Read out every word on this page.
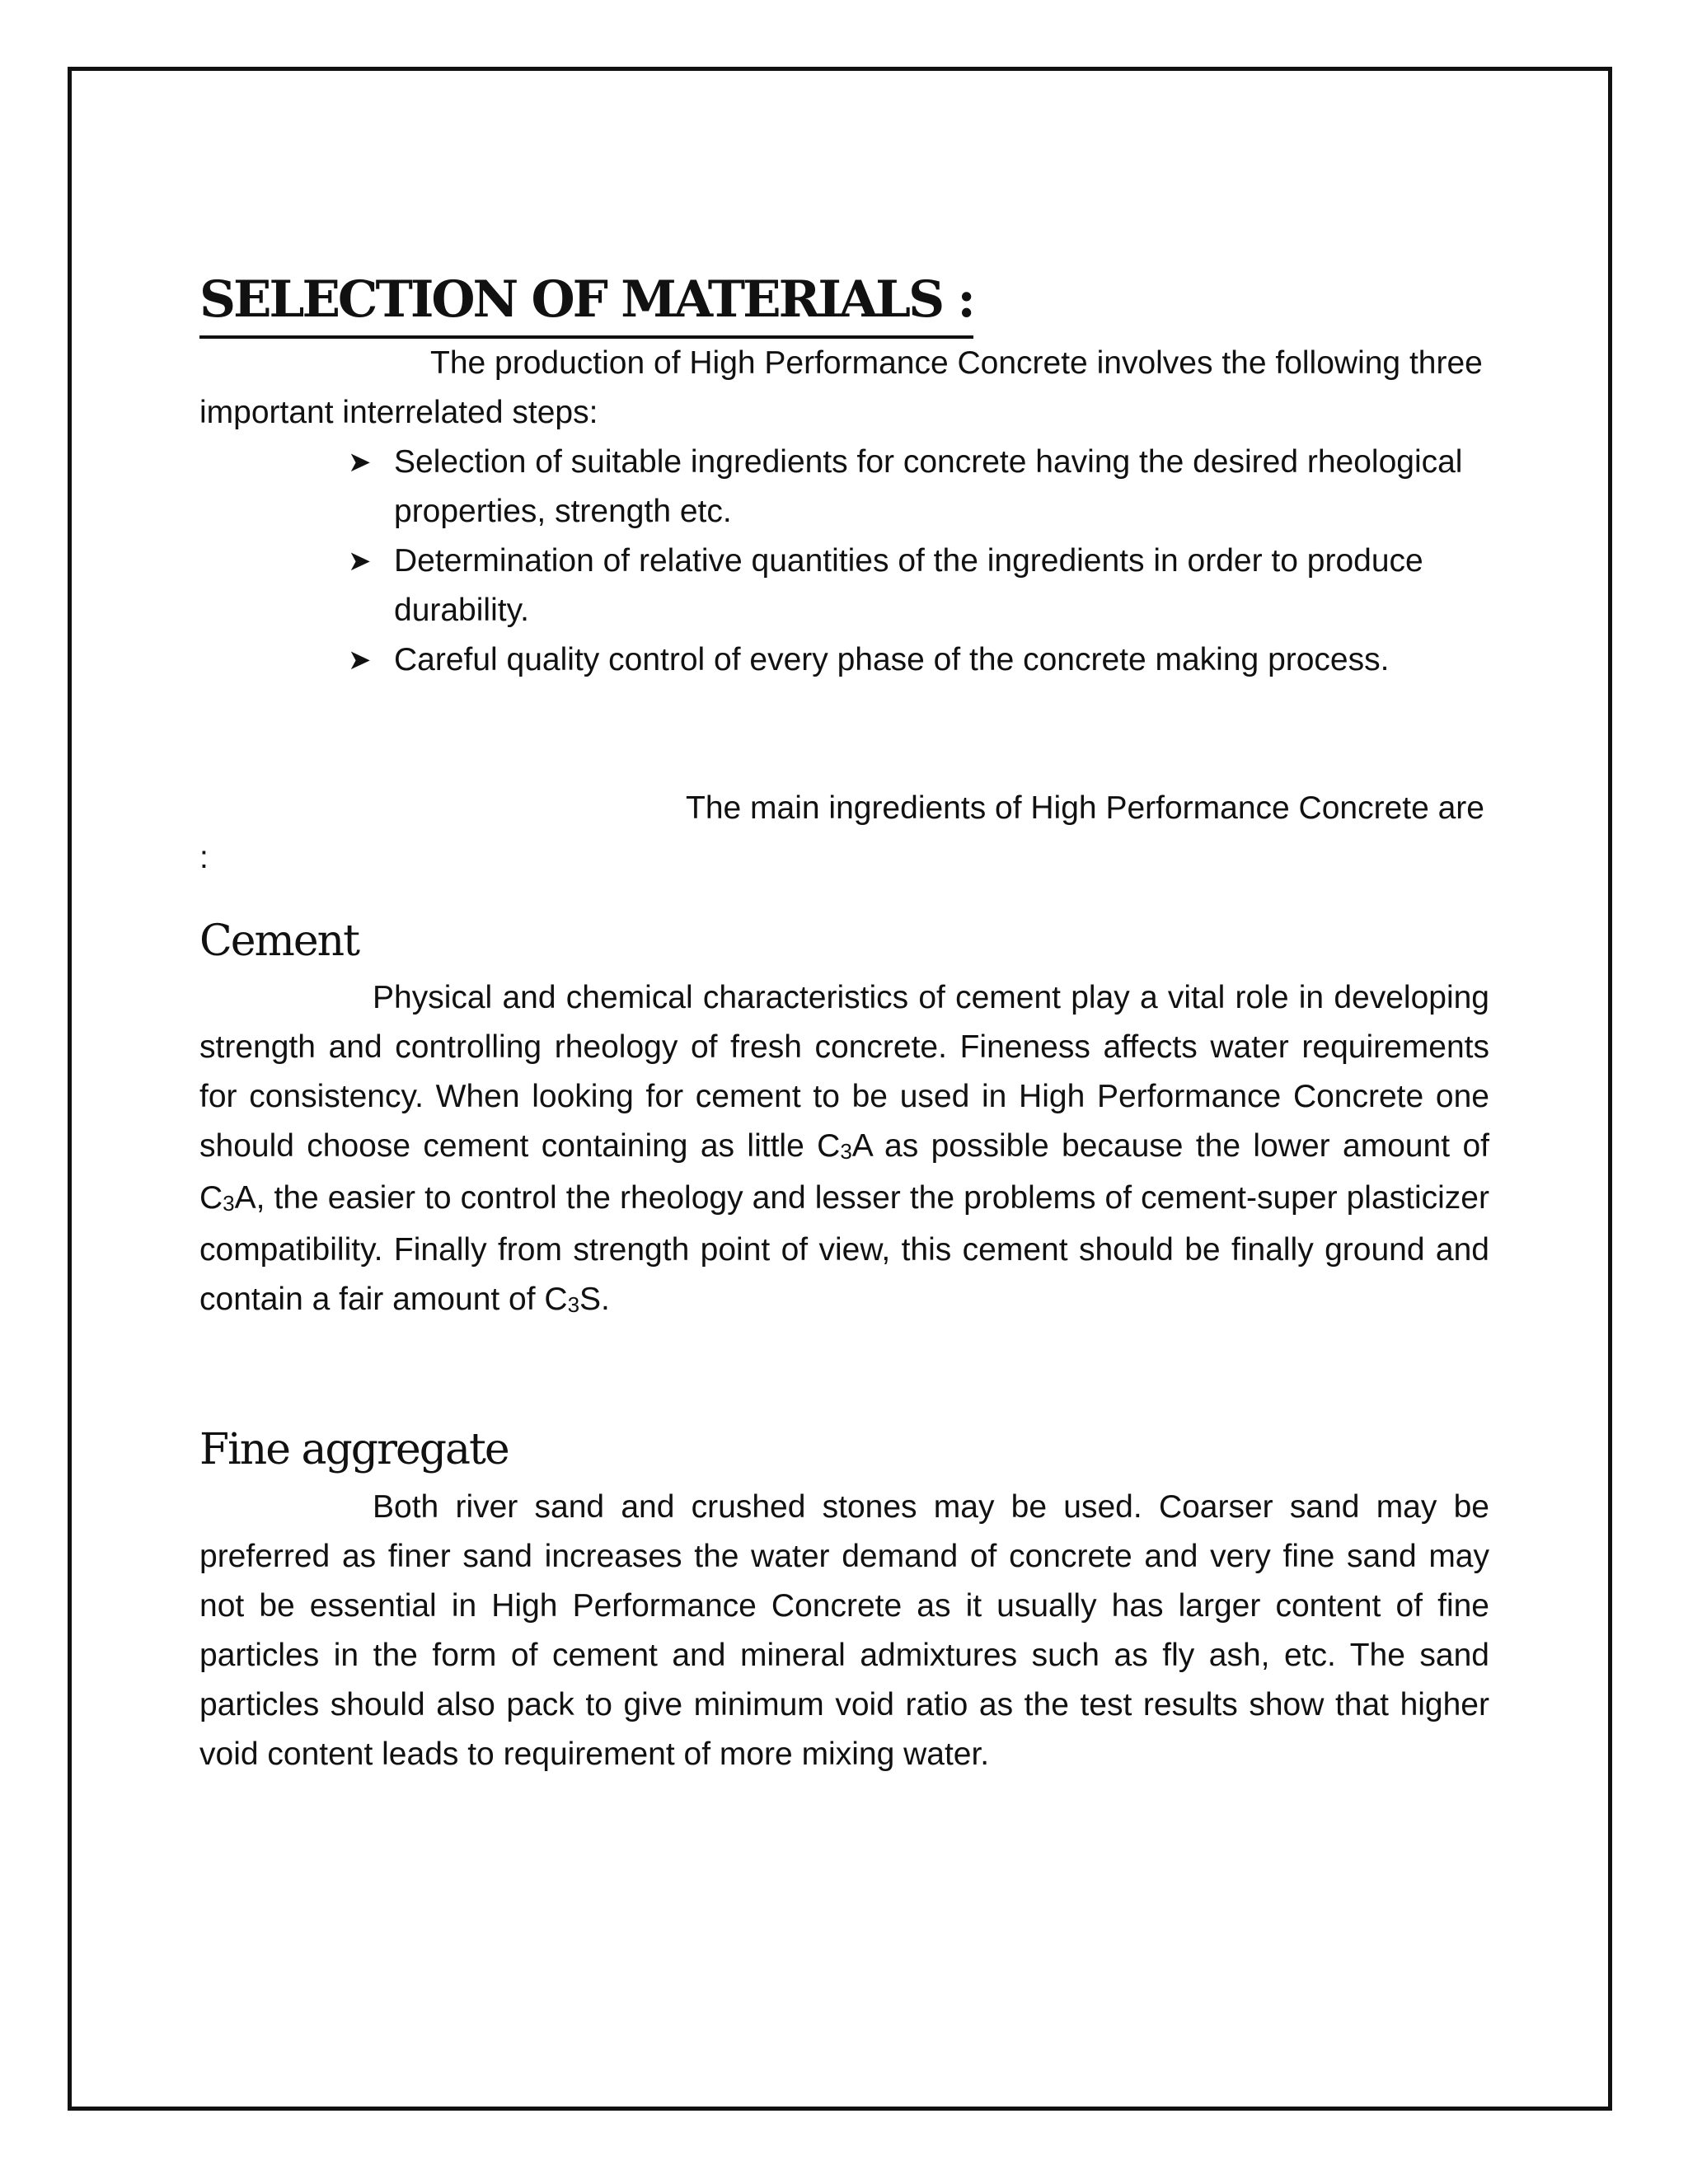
SELECTION OF MATERIALS :

The production of High Performance Concrete involves the following three important interrelated steps:

➤ Selection of suitable ingredients for concrete having the desired rheological properties, strength etc.
➤ Determination of relative quantities of the ingredients in order to produce durability.
➤ Careful quality control of every phase of the concrete making process.

The main ingredients of High Performance Concrete are :

Cement

Physical and chemical characteristics of cement play a vital role in developing strength and controlling rheology of fresh concrete. Fineness affects water requirements for consistency. When looking for cement to be used in High Performance Concrete one should choose cement containing as little $C_3A$ as possible because the lower amount of $C_3A$, the easier to control the rheology and lesser the problems of cement-super plasticizer compatibility. Finally from strength point of view, this cement should be finally ground and contain a fair amount of $C_3S$.

Fine aggregate

Both river sand and crushed stones may be used. Coarser sand may be preferred as finer sand increases the water demand of concrete and very fine sand may not be essential in High Performance Concrete as it usually has larger content of fine particles in the form of cement and mineral admixtures such as fly ash, etc. The sand particles should also pack to give minimum void ratio as the test results show that higher void content leads to requirement of more mixing water.
